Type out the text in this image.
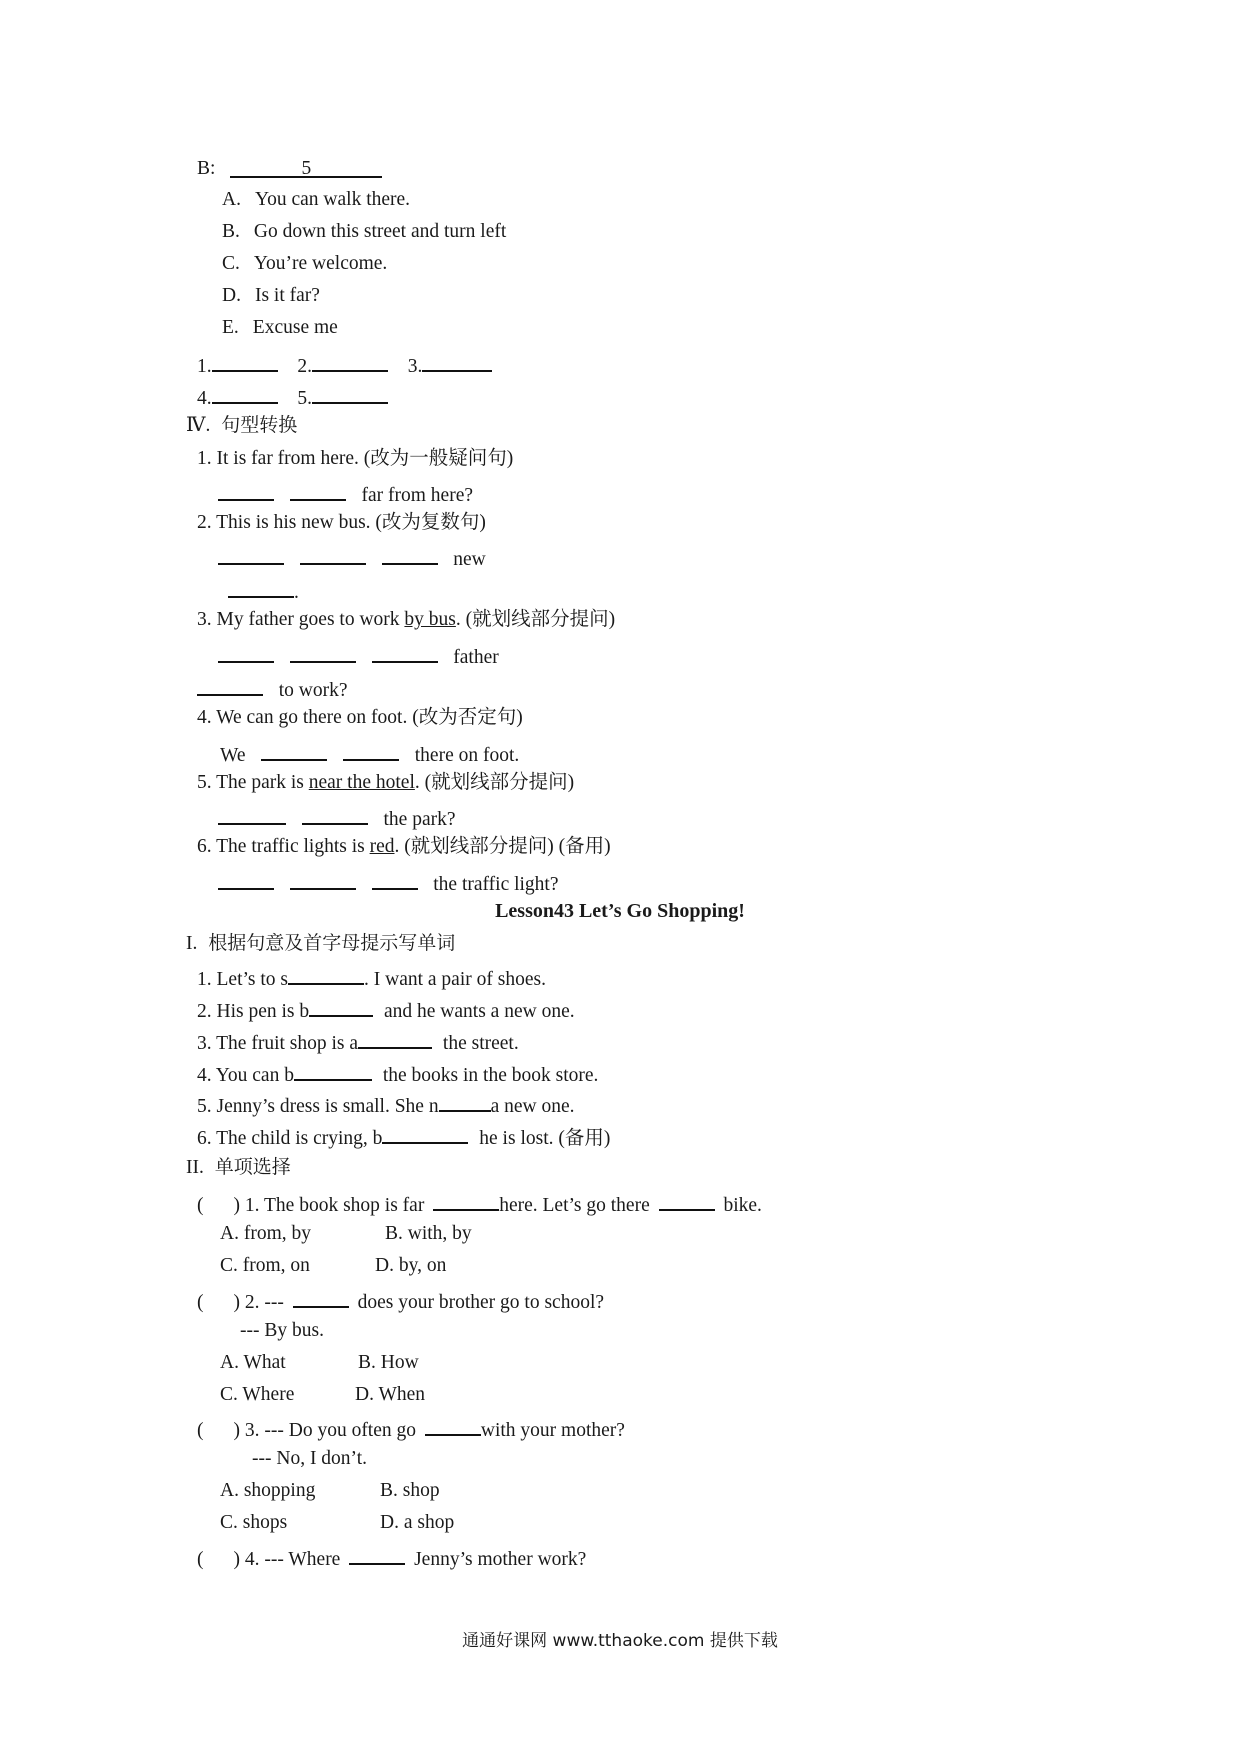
B:	5
A. You can walk there.
B. Go down this street and turn left
C. You’re welcome.
D. Is it far?
E. Excuse me
1.	2.	3.
4.	5.
Ⅳ. 句型转换
1. It is far from here. (改为一般疑问句)
far from here?
2. This is his new bus. (改为复数句)
new
.
3. My father goes to work by bus. (就划线部分提问)
father
to work?
4. We can go there on foot. (改为否定句)
We	there on foot.
5. The park is near the hotel. (就划线部分提问)
the park?
6. The traffic lights is red. (就划线部分提问) (备用)
the traffic light?
Lesson43 Let’s Go Shopping!
I. 根据句意及首字母提示写单词
1. Let’s to s	. I want a pair of shoes.
2. His pen is b	and he wants a new one.
3. The fruit shop is a	the street.
4. You can b	the books in the book store.
5. Jenny’s dress is small. She n	a new one.
6. The child is crying, b	he is lost. (备用)
II. 单项选择
( ) 1. The book shop is far	here. Let’s go there	bike.
A. from, by	B. with, by
C. from, on	D. by, on
( ) 2. ---	does your brother go to school?
--- By bus.
A. What	B. How
C. Where	D. When
( ) 3. --- Do you often go	with your mother?
--- No, I don’t.
A. shopping	B. shop
C. shops	D. a shop
( ) 4. --- Where	Jenny’s mother work?
通通好课网 www.tthaoke.com 提供下载
